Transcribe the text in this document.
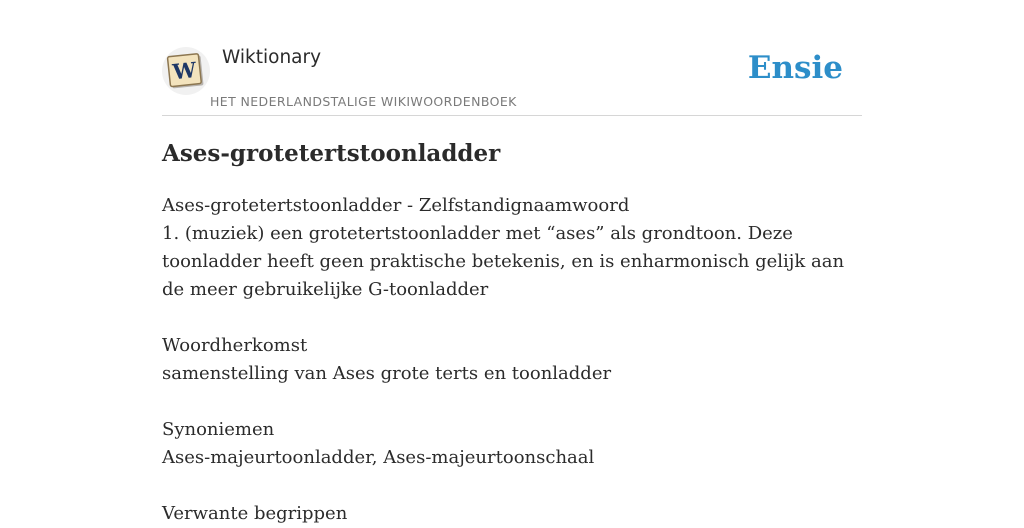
W Wiktionary
HET NEDERLANDSTALIGE WIKIWOORDENBOEK
Ensie
Ases-grotetertstoonladder

Ases-grotetertstoonladder - Zelfstandignaamwoord

1. (muziek) een grotetertstoonladder met “ases” als grondtoon. Deze toonladder heeft geen praktische betekenis, en is enharmonisch gelijk aan de meer gebruikelijke G-toonladder

Woordherkomst

samenstelling van Ases grote terts en toonladder

Synoniemen

Ases-majeurtoonladder, Ases-majeurtoonschaal

Verwante begrippen
